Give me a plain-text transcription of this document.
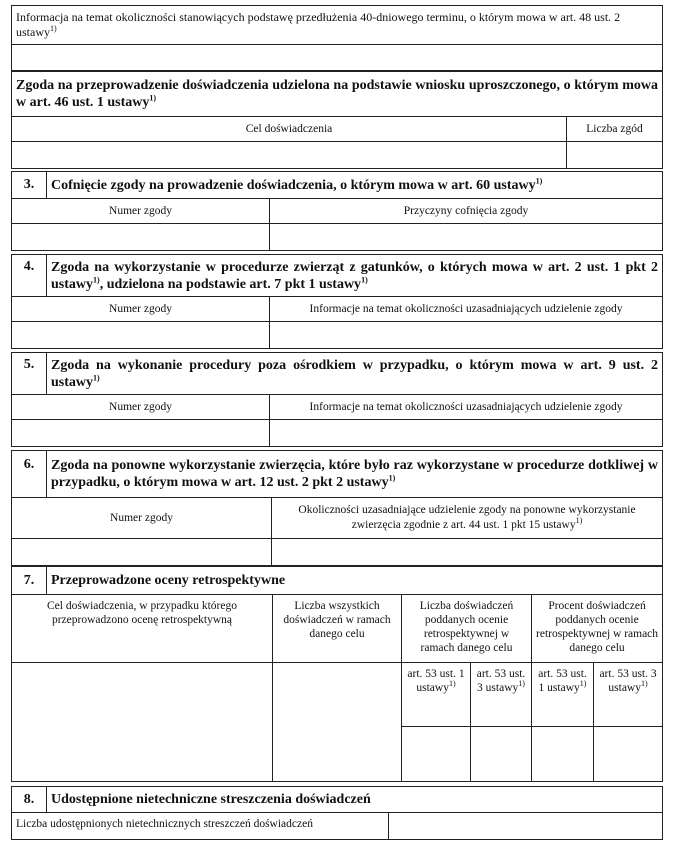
Informacja na temat okoliczności stanowiących podstawę przedłużenia 40-dniowego terminu, o którym mowa w art. 48 ust. 2 ustawy$^{1)}$

Zgoda na przeprowadzenie doświadczenia udzielona na podstawie wniosku uproszczonego, o którym mowa w art. 46 ust. 1 ustawy$^{1)}$
Cel doświadczenia	Liczba zgód

3.	Cofnięcie zgody na prowadzenie doświadczenia, o którym mowa w art. 60 ustawy$^{1)}$
Numer zgody		Przyczyny cofnięcia zgody

4.	Zgoda na wykorzystanie w procedurze zwierząt z gatunków, o których mowa w art. 2 ust. 1 pkt 2 ustawy$^{1)}$, udzielona na podstawie art. 7 pkt 1 ustawy$^{1)}$
Numer zgody		Informacje na temat okoliczności uzasadniających udzielenie zgody

5.	Zgoda na wykonanie procedury poza ośrodkiem w przypadku, o którym mowa w art. 9 ust. 2 ustawy$^{1)}$
Numer zgody		Informacje na temat okoliczności uzasadniających udzielenie zgody

6.	Zgoda na ponowne wykorzystanie zwierzęcia, które było raz wykorzystane w procedurze dotkliwej w przypadku, o którym mowa w art. 12 ust. 2 pkt 2 ustawy$^{1)}$
Numer zgody		Okoliczności uzasadniające udzielenie zgody na ponowne wykorzystanie zwierzęcia zgodnie z art. 44 ust. 1 pkt 15 ustawy$^{1)}$

7.	Przeprowadzone oceny retrospektywne					
Cel doświadczenia, w przypadku którego przeprowadzono ocenę retrospektywną		Liczba wszystkich doświadczeń w ramach danego celu	Liczba doświadczeń poddanych ocenie retrospektywnej w ramach danego celu		Procent doświadczeń poddanych ocenie retrospektywnej w ramach danego celu	
			art. 53 ust. 1 ustawy$^{1)}$	art. 53 ust. 3 ustawy$^{1)}$	art. 53 ust. 1 ustawy$^{1)}$	art. 53 ust. 3 ustawy$^{1)}$

8.	Udostępnione nietechniczne streszczenia doświadczeń	
Liczba udostępnionych nietechnicznych streszczeń doświadczeń		
